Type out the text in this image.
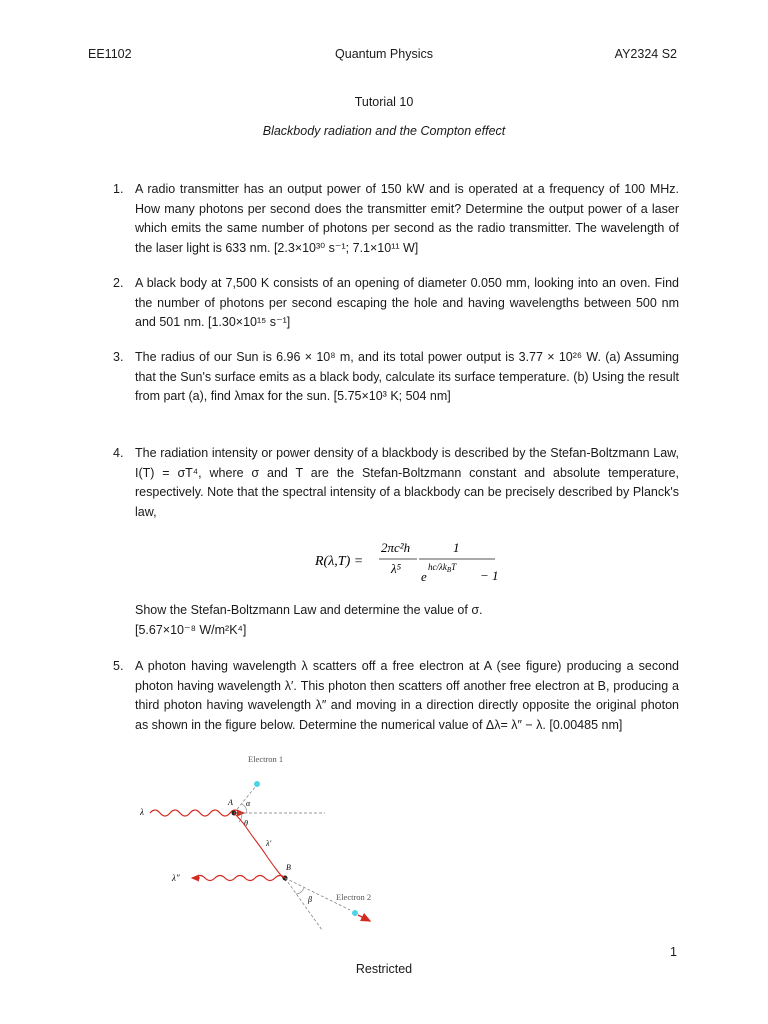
EE1102	Quantum Physics	AY2324 S2
Tutorial 10
Blackbody radiation and the Compton effect
1. A radio transmitter has an output power of 150 kW and is operated at a frequency of 100 MHz. How many photons per second does the transmitter emit? Determine the output power of a laser which emits the same number of photons per second as the radio transmitter. The wavelength of the laser light is 633 nm. [2.3×10³⁰ s⁻¹; 7.1×10¹¹ W]

2. A black body at 7,500 K consists of an opening of diameter 0.050 mm, looking into an oven. Find the number of photons per second escaping the hole and having wavelengths between 500 nm and 501 nm. [1.30×10¹⁵ s⁻¹]

3. The radius of our Sun is 6.96 × 10⁸ m, and its total power output is 3.77 × 10²⁶ W. (a) Assuming that the Sun's surface emits as a black body, calculate its surface temperature. (b) Using the result from part (a), find λmax for the sun. [5.75×10³ K; 504 nm]

4. The radiation intensity or power density of a blackbody is described by the Stefan-Boltzmann Law, I(T) = σT⁴, where σ and T are the Stefan-Boltzmann constant and absolute temperature, respectively. Note that the spectral intensity of a blackbody can be precisely described by Planck's law,

R(λ,T) =
2πc²h
λ⁵
1
e
$hc/\lambda k_BT$
− 1

Show the Stefan-Boltzmann Law and determine the value of σ.

[5.67×10⁻⁸ W/m²K⁴]

5. A photon having wavelength λ scatters off a free electron at A (see figure) producing a second photon having wavelength λ′. This photon then scatters off another free electron at B, producing a third photon having wavelength λ″ and moving in a direction directly opposite the original photon as shown in the figure below. Determine the numerical value of Δλ= λ″ − λ. [0.00485 nm]

Electron 1
λ
A α
θ
λ′
B
λ″
β	Electron 2
1
Restricted
